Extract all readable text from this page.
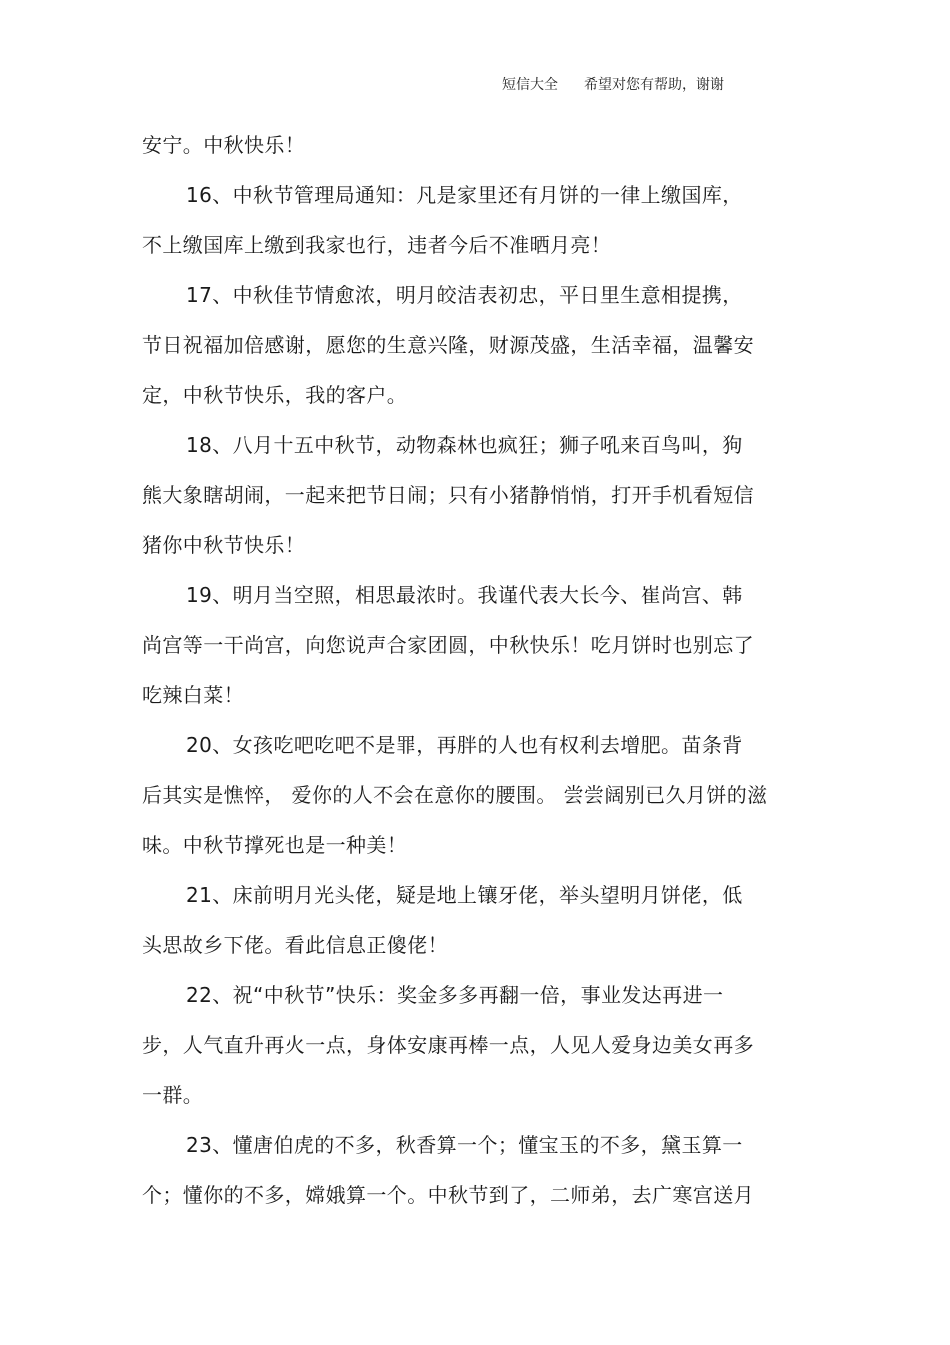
短信大全 希望对您有帮助，谢谢
安宁。中秋快乐！
16、中秋节管理局通知：凡是家里还有月饼的一律上缴国库，
不上缴国库上缴到我家也行，违者今后不准晒月亮！
17、中秋佳节情愈浓，明月皎洁表初忠，平日里生意相提携，
节日祝福加倍感谢，愿您的生意兴隆，财源茂盛，生活幸福，温馨安
定，中秋节快乐，我的客户。
18、八月十五中秋节，动物森林也疯狂；狮子吼来百鸟叫，狗
熊大象瞎胡闹，一起来把节日闹；只有小猪静悄悄，打开手机看短信
猪你中秋节快乐！
19、明月当空照，相思最浓时。我谨代表大长今、崔尚宫、韩
尚宫等一干尚宫，向您说声合家团圆，中秋快乐！吃月饼时也别忘了
吃辣白菜！
20、女孩吃吧吃吧不是罪，再胖的人也有权利去增肥。苗条背
后其实是憔悴， 爱你的人不会在意你的腰围。 尝尝阔别已久月饼的滋
味。中秋节撑死也是一种美！
21、床前明月光头佬，疑是地上镶牙佬，举头望明月饼佬，低
头思故乡下佬。看此信息正傻佬！
22、祝“中秋节”快乐：奖金多多再翻一倍，事业发达再进一
步，人气直升再火一点，身体安康再棒一点，人见人爱身边美女再多
一群。
23、懂唐伯虎的不多，秋香算一个；懂宝玉的不多，黛玉算一
个；懂你的不多，嫦娥算一个。中秋节到了，二师弟，去广寒宫送月
